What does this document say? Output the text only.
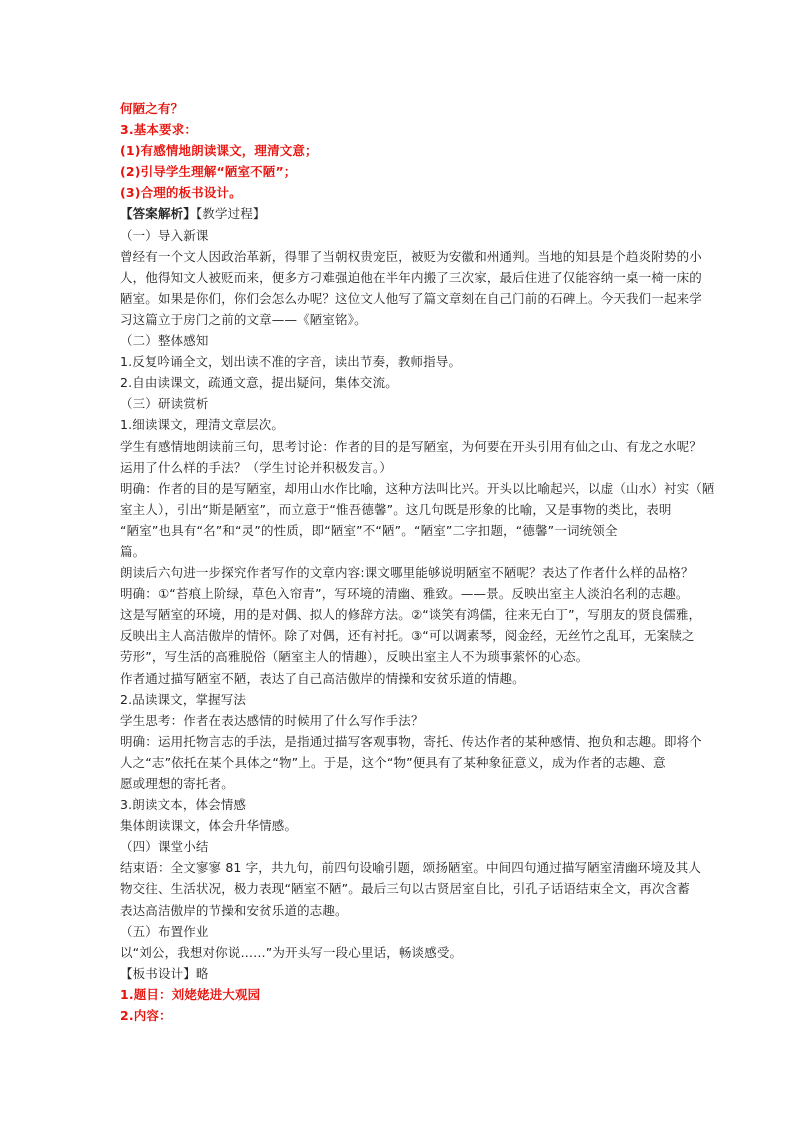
何陋之有？
3.基本要求：
(1)有感情地朗读课文，理清文意；
(2)引导学生理解“陋室不陋”；
(3)合理的板书设计。
【答案解析】【教学过程】
（一）导入新课
曾经有一个文人因政治革新，得罪了当朝权贵宠臣，被贬为安徽和州通判。当地的知县是个趋炎附势的小
人，他得知文人被贬而来，便多方刁难强迫他在半年内搬了三次家，最后住进了仅能容纳一桌一椅一床的
陋室。如果是你们，你们会怎么办呢？这位文人他写了篇文章刻在自己门前的石碑上。今天我们一起来学
习这篇立于房门之前的文章——《陋室铭》。
（二）整体感知
1.反复吟诵全文，划出读不准的字音，读出节奏，教师指导。
2.自由读课文，疏通文意，提出疑问，集体交流。
（三）研读赏析
1.细读课文，理清文章层次。
学生有感情地朗读前三句，思考讨论：作者的目的是写陋室，为何要在开头引用有仙之山、有龙之水呢？
运用了什么样的手法？（学生讨论并积极发言。）
明确：作者的目的是写陋室，却用山水作比喻，这种方法叫比兴。开头以比喻起兴，以虚（山水）衬实（陋
室主人），引出“斯是陋室”，而立意于“惟吾德馨”。这几句既是形象的比喻，又是事物的类比，表明
“陋室”也具有“名”和“灵”的性质，即“陋室”不“陋”。“陋室”二字扣题，“德馨”一词统领全
篇。
朗读后六句进一步探究作者写作的文章内容:课文哪里能够说明陋室不陋呢？表达了作者什么样的品格？
明确：①“苔痕上阶绿，草色入帘青”，写环境的清幽、雅致。——景。反映出室主人淡泊名利的志趣。
这是写陋室的环境，用的是对偶、拟人的修辞方法。②“谈笑有鸿儒，往来无白丁”，写朋友的贤良儒雅，
反映出主人高洁傲岸的情怀。除了对偶，还有衬托。③“可以调素琴，阅金经，无丝竹之乱耳，无案牍之
劳形”，写生活的高雅脱俗（陋室主人的情趣），反映出室主人不为琐事萦怀的心态。
作者通过描写陋室不陋，表达了自己高洁傲岸的情操和安贫乐道的情趣。
2.品读课文，掌握写法
学生思考：作者在表达感情的时候用了什么写作手法？
明确：运用托物言志的手法，是指通过描写客观事物，寄托、传达作者的某种感情、抱负和志趣。即将个
人之“志”依托在某个具体之“物”上。于是，这个“物”便具有了某种象征意义，成为作者的志趣、意
愿或理想的寄托者。
3.朗读文本，体会情感
集体朗读课文，体会升华情感。
（四）课堂小结
结束语：全文寥寥 81 字，共九句，前四句设喻引题，颂扬陋室。中间四句通过描写陋室清幽环境及其人
物交往、生活状况，极力表现“陋室不陋”。最后三句以古贤居室自比，引孔子话语结束全文，再次含蓄
表达高洁傲岸的节操和安贫乐道的志趣。
（五）布置作业
以“刘公，我想对你说……”为开头写一段心里话，畅谈感受。
【板书设计】略
1.题目：刘姥姥进大观园
2.内容：
